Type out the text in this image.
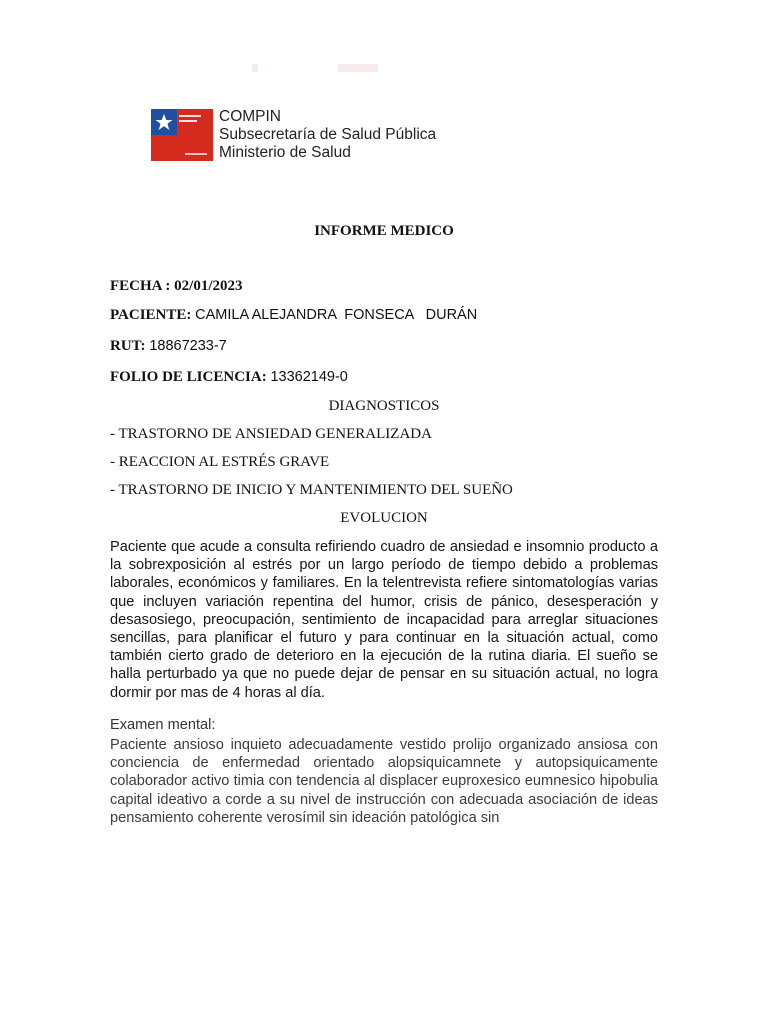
COMPIN
Subsecretaría de Salud Pública
Ministerio de Salud
INFORME MEDICO
FECHA : 02/01/2023
PACIENTE: CAMILA ALEJANDRA  FONSECA   DURÁN
RUT: 18867233-7
FOLIO DE LICENCIA: 13362149-0
DIAGNOSTICOS
- TRASTORNO DE ANSIEDAD GENERALIZADA
- REACCION AL ESTRÉS GRAVE
- TRASTORNO DE INICIO Y MANTENIMIENTO DEL SUEÑO
EVOLUCION
Paciente que acude a consulta refiriendo cuadro de ansiedad e insomnio producto a la sobrexposición al estrés por un largo período de tiempo debido a problemas laborales, económicos y familiares. En la telentrevista refiere sintomatologías varias que incluyen variación repentina del humor, crisis de pánico, desesperación y desasosiego, preocupación, sentimiento de incapacidad para arreglar situaciones sencillas, para planificar el futuro y para continuar en la situación actual, como también cierto grado de deterioro en la ejecución de la rutina diaria. El sueño se halla perturbado ya que no puede dejar de pensar en su situación actual, no logra dormir por mas de 4 horas al día.
Examen mental:
Paciente ansioso inquieto adecuadamente vestido prolijo organizado ansiosa con conciencia de enfermedad orientado alopsiquicamnete y autopsiquicamente colaborador activo timia con tendencia al displacer euproxesico eumnesico hipobulia capital ideativo a corde a su nivel de instrucción con adecuada asociación de ideas pensamiento coherente verosímil sin ideación patológica sin
